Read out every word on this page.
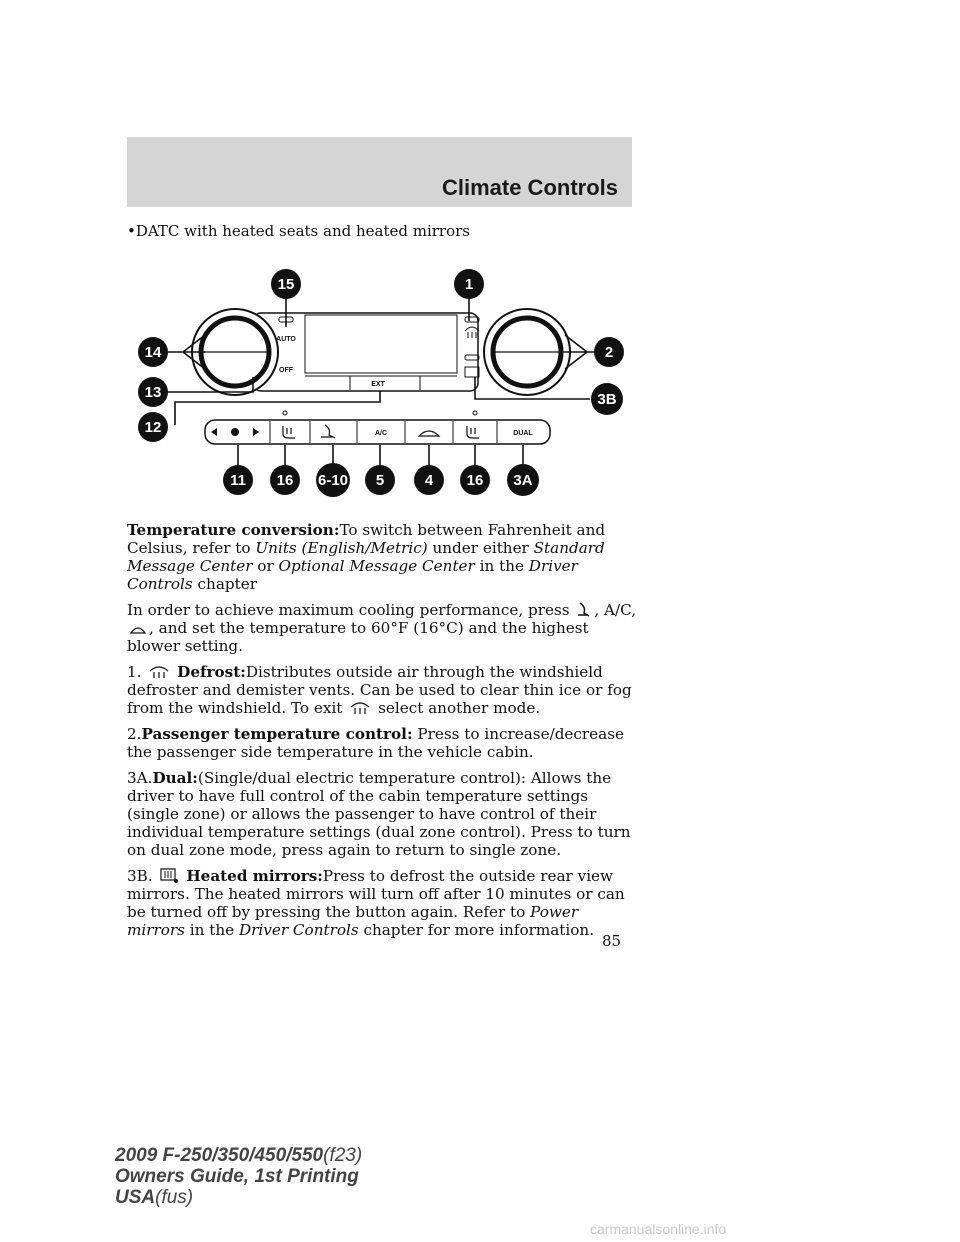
Climate Controls
•DATC with heated seats and heated mirrors
AUTO
OFF
EXT
A/C	DUAL
15	1
14	2
13	3B
12
11 16 6-10 5	4 16 3A

Temperature conversion:To switch between Fahrenheit and Celsius, refer to Units (English/Metric) under either Standard Message Center or Optional Message Center in the Driver Controls chapter

In order to achieve maximum cooling performance, press , A/C, , and set the temperature to 60°F (16°C) and the highest blower setting.

1. Defrost:Distributes outside air through the windshield defroster and demister vents. Can be used to clear thin ice or fog from the windshield. To exit select another mode.

2.Passenger temperature control: Press to increase/decrease the passenger side temperature in the vehicle cabin.

3A.Dual:(Single/dual electric temperature control): Allows the driver to have full control of the cabin temperature settings (single zone) or allows the passenger to have control of their individual temperature settings (dual zone control). Press to turn on dual zone mode, press again to return to single zone.

3B. Heated mirrors:Press to defrost the outside rear view mirrors. The heated mirrors will turn off after 10 minutes or can be turned off by pressing the button again. Refer to Power mirrors in the Driver Controls chapter for more information.

85
2009 F-250/350/450/550(f23)
Owners Guide, 1st Printing
USA(fus)
carmanualsonline.info
